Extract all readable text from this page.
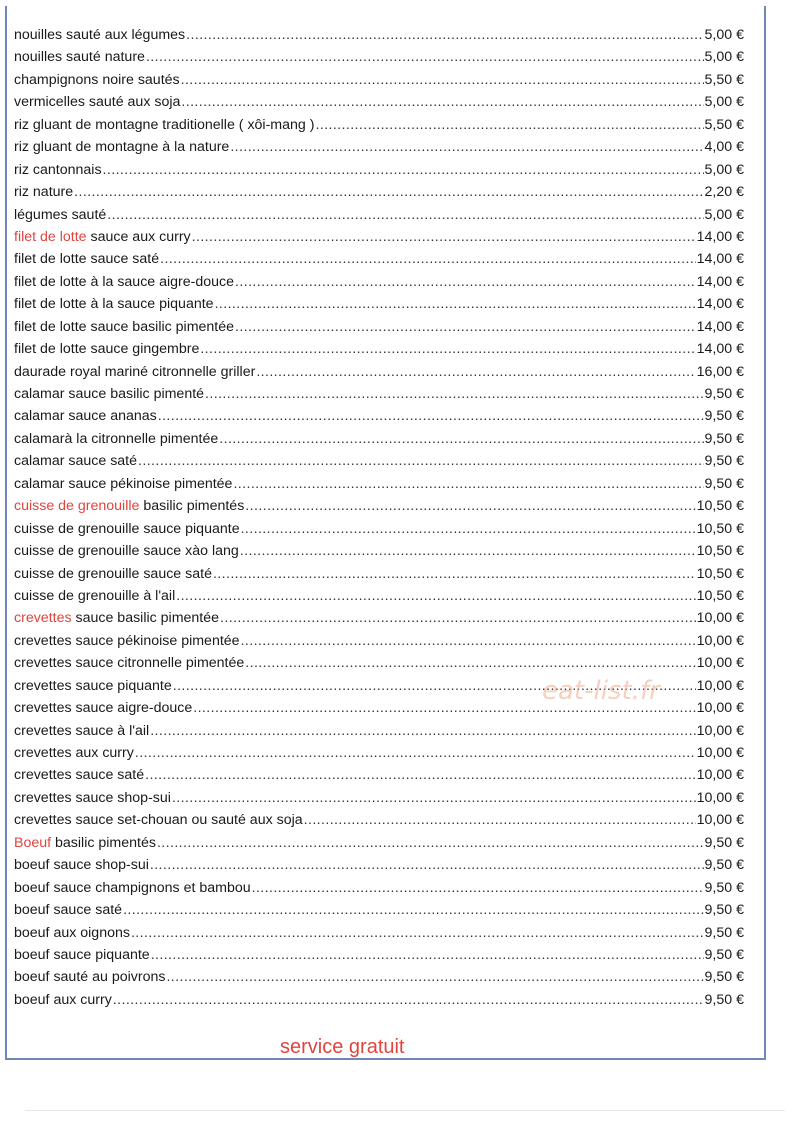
nouilles sauté aux légumes .....	5,00 €
nouilles sauté nature .....	5,00 €
champignons noire sautés .....	5,50 €
vermicelles sauté aux soja .....	5,00 €
riz gluant de montagne traditionelle ( xôi-mang ) .....	5,50 €
riz gluant de montagne à la nature .....	4,00 €
riz cantonnais .....	5,00 €
riz nature .....	2,20 €
légumes sauté .....	5,00 €
filet de lotte sauce aux curry .....	14,00 €
filet de lotte sauce saté .....	14,00 €
filet de lotte à la sauce aigre-douce .....	14,00 €
filet de lotte à la sauce piquante .....	14,00 €
filet de lotte sauce basilic pimentée .....	14,00 €
filet de lotte sauce gingembre .....	14,00 €
daurade royal mariné citronnelle griller .....	16,00 €
calamar sauce basilic pimenté .....	9,50 €
calamar sauce ananas .....	9,50 €
calamarà la citronnelle pimentée .....	9,50 €
calamar sauce saté .....	9,50 €
calamar sauce pékinoise pimentée .....	9,50 €
cuisse de grenouille basilic pimentés .....	10,50 €
cuisse de grenouille sauce piquante .....	10,50 €
cuisse de grenouille sauce xào lang .....	10,50 €
cuisse de grenouille sauce saté .....	10,50 €
cuisse de grenouille à l'ail .....	10,50 €
crevettes sauce basilic pimentée .....	10,00 €
crevettes sauce pékinoise pimentée .....	10,00 €
crevettes sauce citronnelle pimentée .....	10,00 €
crevettes sauce piquante .....	10,00 €
crevettes sauce aigre-douce .....	10,00 €
crevettes sauce à l'ail .....	10,00 €
crevettes aux curry .....	10,00 €
crevettes sauce saté .....	10,00 €
crevettes sauce shop-sui .....	10,00 €
crevettes sauce set-chouan ou sauté aux soja .....	10,00 €
Boeuf basilic pimentés .....	9,50 €
boeuf sauce shop-sui .....	9,50 €
boeuf sauce champignons et bambou .....	9,50 €
boeuf sauce saté .....	9,50 €
boeuf aux oignons .....	9,50 €
boeuf sauce piquante .....	9,50 €
boeuf sauté au poivrons .....	9,50 €
boeuf aux curry .....	9,50 €
eat-list.fr
service gratuit
